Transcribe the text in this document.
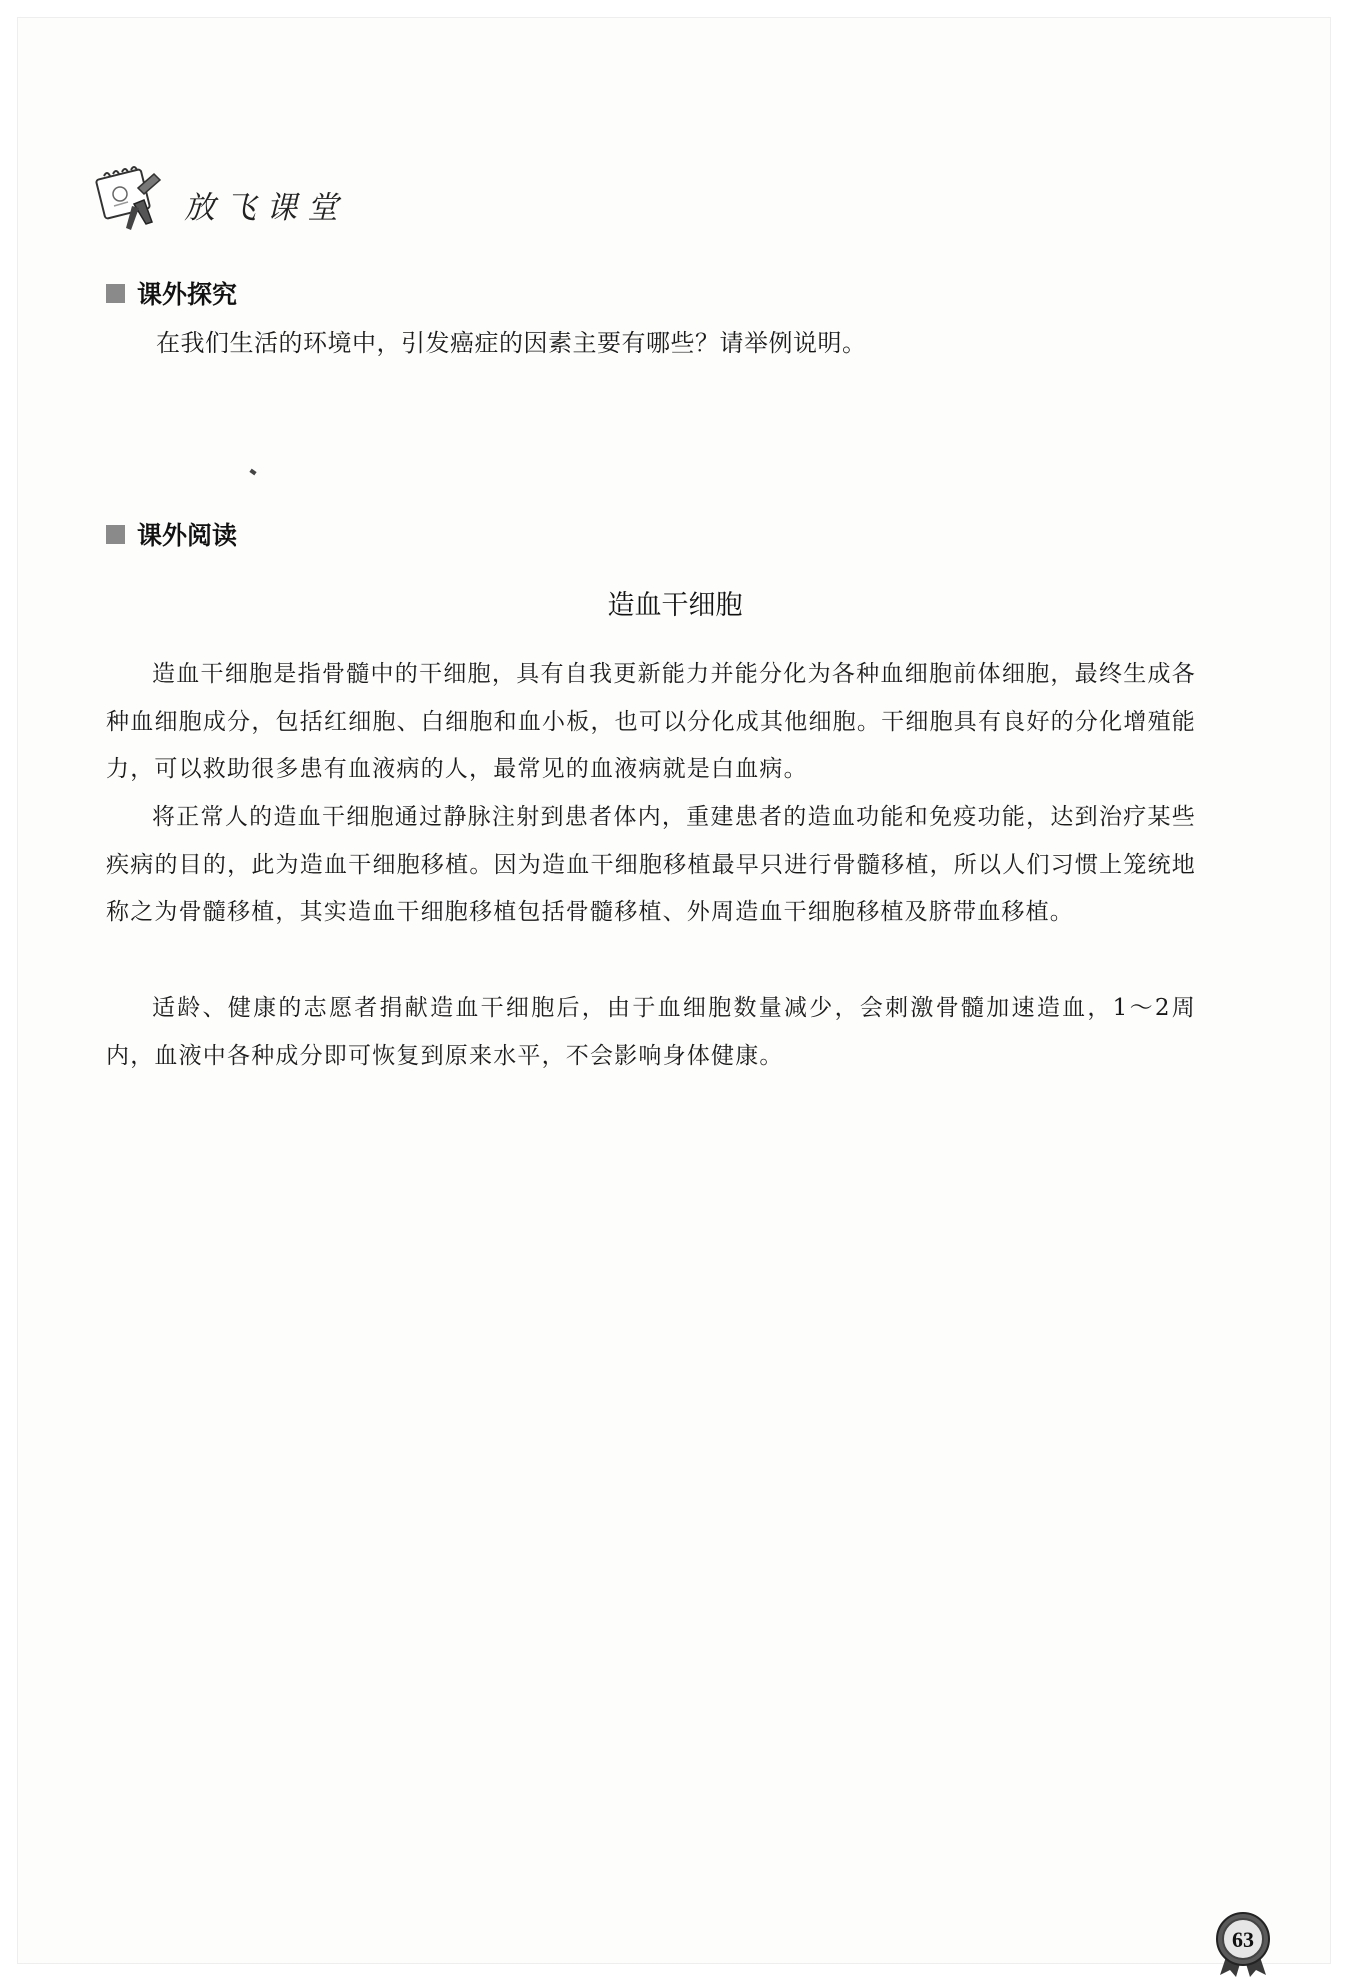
放飞课堂
课外探究
在我们生活的环境中，引发癌症的因素主要有哪些？请举例说明。
课外阅读
造血干细胞

造血干细胞是指骨髓中的干细胞，具有自我更新能力并能分化为各种血细胞前体细胞，最终生成各种血细胞成分，包括红细胞、白细胞和血小板，也可以分化成其他细胞。干细胞具有良好的分化增殖能力，可以救助很多患有血液病的人，最常见的血液病就是白血病。

将正常人的造血干细胞通过静脉注射到患者体内，重建患者的造血功能和免疫功能，达到治疗某些疾病的目的，此为造血干细胞移植。因为造血干细胞移植最早只进行骨髓移植，所以人们习惯上笼统地称之为骨髓移植，其实造血干细胞移植包括骨髓移植、外周造血干细胞移植及脐带血移植。

适龄、健康的志愿者捐献造血干细胞后，由于血细胞数量减少，会刺激骨髓加速造血，1～2周内，血液中各种成分即可恢复到原来水平，不会影响身体健康。

63
